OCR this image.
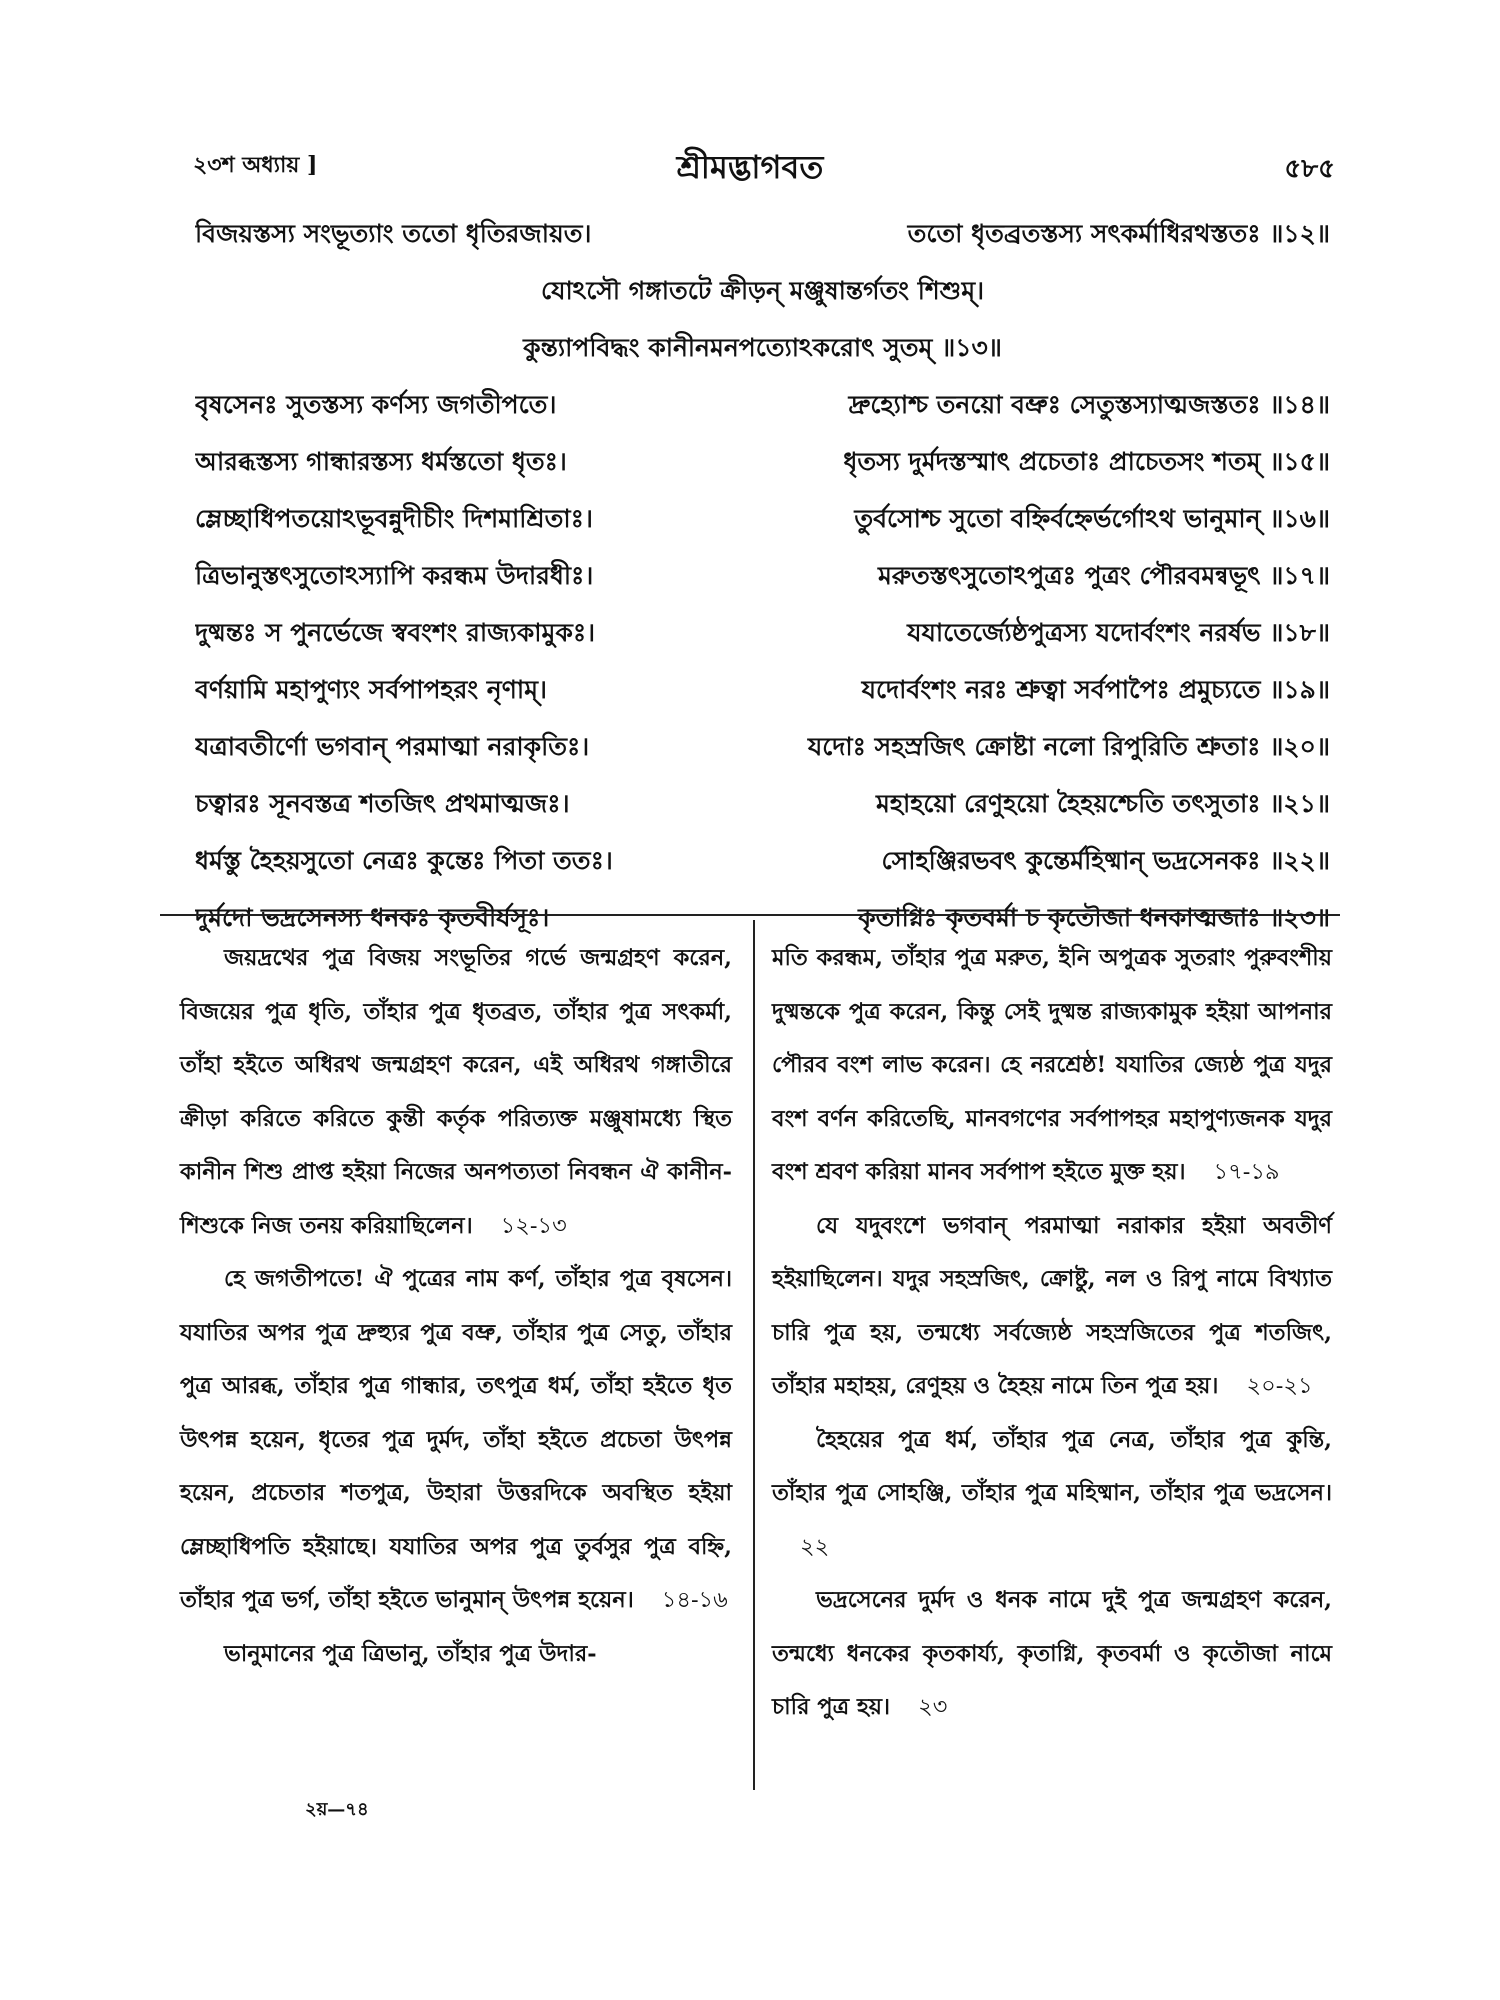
২৩শ অধ্যায় ]	শ্রীমদ্ভাগবত	৫৮৫
বিজয়স্তস্য সংভূত্যাং ততো ধৃতিরজায়ত।	ততো ধৃতব্রতস্তস্য সৎকর্মাধিরথস্ততঃ ॥১২॥
যোঽসৌ গঙ্গাতটে ক্রীড়ন্ মঞ্জুষান্তর্গতং শিশুম্।
কুন্ত্যাপবিদ্ধং কানীনমনপত্যোঽকরোৎ সুতম্ ॥১৩॥
বৃষসেনঃ সুতস্তস্য কর্ণস্য জগতীপতে।	দ্রুহ্যোশ্চ তনয়ো বভ্রুঃ সেতুস্তস্যাত্মজস্ততঃ ॥১৪॥
আরব্ধস্তস্য গান্ধারস্তস্য ধর্মস্ততো ধৃতঃ।	ধৃতস্য দুর্মদস্তস্মাৎ প্রচেতাঃ প্রাচেতসং শতম্ ॥১৫॥
ম্লেচ্ছাধিপতয়োঽভূবন্নুদীচীং দিশমাশ্রিতাঃ।	তুর্বসোশ্চ সুতো বহ্নির্বহ্নের্ভর্গোঽথ ভানুমান্ ॥১৬॥
ত্রিভানুস্তৎসুতোঽস্যাপি করন্ধম উদারধীঃ।	মরুতস্তৎসুতোঽপুত্রঃ পুত্রং পৌরবমন্বভূৎ ॥১৭॥
দুষ্মন্তঃ স পুনর্ভেজে স্ববংশং রাজ্যকামুকঃ।	যযাতের্জ্যেষ্ঠপুত্রস্য যদোর্বংশং নরর্ষভ ॥১৮॥
বর্ণয়ামি মহাপুণ্যং সর্বপাপহরং নৃণাম্।	যদোর্বংশং নরঃ শ্রুত্বা সর্বপাপৈঃ প্রমুচ্যতে ॥১৯॥
যত্রাবতীর্ণো ভগবান্ পরমাত্মা নরাকৃতিঃ।	যদোঃ সহস্রজিৎ ক্রোষ্টা নলো রিপুরিতি শ্রুতাঃ ॥২০॥
চত্বারঃ সূনবস্তত্র শতজিৎ প্রথমাত্মজঃ।	মহাহয়ো রেণুহয়ো হৈহয়শ্চেতি তৎসুতাঃ ॥২১॥
ধর্মস্তু হৈহয়সুতো নেত্রঃ কুন্তেঃ পিতা ততঃ।	সোহঞ্জিরভবৎ কুন্তের্মহিষ্মান্ ভদ্রসেনকঃ ॥২২॥
দুর্মদো ভদ্রসেনস্য ধনকঃ কৃতবীর্যসূঃ।	কৃতাগ্নিঃ কৃতবর্মা চ কৃতৌজা ধনকাত্মজাঃ ॥২৩॥

জয়দ্রথের পুত্র বিজয় সংভূতির গর্ভে জন্মগ্রহণ করেন, বিজয়ের পুত্র ধৃতি, তাঁহার পুত্র ধৃতব্রত, তাঁহার পুত্র সৎকর্মা, তাঁহা হইতে অধিরথ জন্মগ্রহণ করেন, এই অধিরথ গঙ্গাতীরে ক্রীড়া করিতে করিতে কুন্তী কর্তৃক পরিত্যক্ত মঞ্জুষামধ্যে স্থিত কানীন শিশু প্রাপ্ত হইয়া নিজের অনপত্যতা নিবন্ধন ঐ কানীন-শিশুকে নিজ তনয় করিয়াছিলেন। ১২-১৩

হে জগতীপতে! ঐ পুত্রের নাম কর্ণ, তাঁহার পুত্র বৃষসেন। যযাতির অপর পুত্র দ্রুহ্যুর পুত্র বভ্রু, তাঁহার পুত্র সেতু, তাঁহার পুত্র আরব্ধ, তাঁহার পুত্র গান্ধার, তৎপুত্র ধর্ম, তাঁহা হইতে ধৃত উৎপন্ন হয়েন, ধৃতের পুত্র দুর্মদ, তাঁহা হইতে প্রচেতা উৎপন্ন হয়েন, প্রচেতার শতপুত্র, উহারা উত্তরদিকে অবস্থিত হইয়া ম্লেচ্ছাধিপতি হইয়াছে। যযাতির অপর পুত্র তুর্বসুর পুত্র বহ্নি, তাঁহার পুত্র ভর্গ, তাঁহা হইতে ভানুমান্ উৎপন্ন হয়েন। ১৪-১৬

ভানুমানের পুত্র ত্রিভানু, তাঁহার পুত্র উদার-

মতি করন্ধম, তাঁহার পুত্র মরুত, ইনি অপুত্রক সুতরাং পুরুবংশীয় দুষ্মন্তকে পুত্র করেন, কিন্তু সেই দুষ্মন্ত রাজ্যকামুক হইয়া আপনার পৌরব বংশ লাভ করেন। হে নরশ্রেষ্ঠ! যযাতির জ্যেষ্ঠ পুত্র যদুর বংশ বর্ণন করিতেছি, মানবগণের সর্বপাপহর মহাপুণ্যজনক যদুর বংশ শ্রবণ করিয়া মানব সর্বপাপ হইতে মুক্ত হয়। ১৭-১৯

যে যদুবংশে ভগবান্ পরমাত্মা নরাকার হইয়া অবতীর্ণ হইয়াছিলেন। যদুর সহস্রজিৎ, ক্রোষ্টু, নল ও রিপু নামে বিখ্যাত চারি পুত্র হয়, তন্মধ্যে সর্বজ্যেষ্ঠ সহস্রজিতের পুত্র শতজিৎ, তাঁহার মহাহয়, রেণুহয় ও হৈহয় নামে তিন পুত্র হয়। ২০-২১

হৈহয়ের পুত্র ধর্ম, তাঁহার পুত্র নেত্র, তাঁহার পুত্র কুন্তি, তাঁহার পুত্র সোহঞ্জি, তাঁহার পুত্র মহিষ্মান, তাঁহার পুত্র ভদ্রসেন।২২

ভদ্রসেনের দুর্মদ ও ধনক নামে দুই পুত্র জন্মগ্রহণ করেন, তন্মধ্যে ধনকের কৃতকার্য্য, কৃতাগ্নি, কৃতবর্মা ও কৃতৌজা নামে চারি পুত্র হয়। ২৩

২য়—৭৪
